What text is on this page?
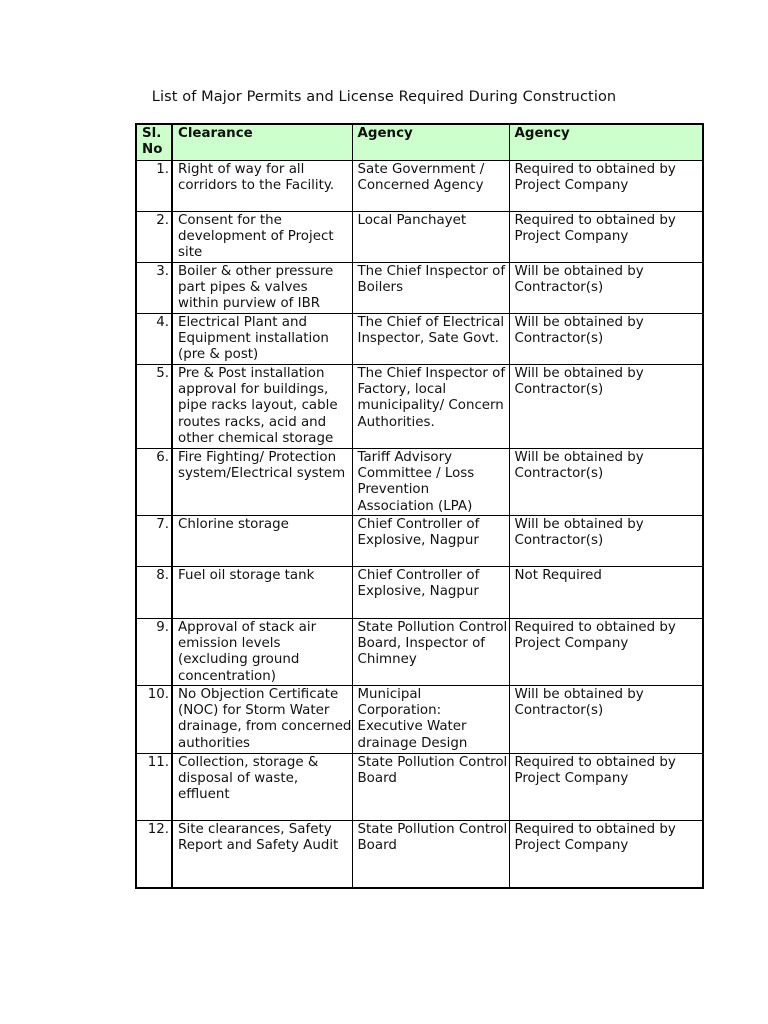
List of Major Permits and License Required During Construction
Sl.
No	Clearance	Agency	Agency
1.	Right of way for all corridors to the Facility.	Sate Government / Concerned Agency	Required to obtained by Project Company
2.	Consent for the development of Project site	Local Panchayet	Required to obtained by Project Company
3.	Boiler & other pressure part pipes & valves within purview of IBR	The Chief Inspector of Boilers	Will be obtained by Contractor(s)
4.	Electrical Plant and Equipment installation (pre & post)	The Chief of Electrical Inspector, Sate Govt.	Will be obtained by Contractor(s)
5.	Pre & Post installation approval for buildings, pipe racks layout, cable routes racks, acid and other chemical storage	The Chief Inspector of Factory, local municipality/ Concern Authorities.	Will be obtained by Contractor(s)
6.	Fire Fighting/ Protection system/Electrical system	Tariff Advisory Committee / Loss Prevention Association (LPA)	Will be obtained by Contractor(s)
7.	Chlorine storage	Chief Controller of Explosive, Nagpur	Will be obtained by Contractor(s)
8.	Fuel oil storage tank	Chief Controller of Explosive, Nagpur	Not Required
9.	Approval of stack air emission levels (excluding ground concentration)	State Pollution Control Board, Inspector of Chimney	Required to obtained by Project Company
10.	No Objection Certificate (NOC) for Storm Water drainage, from concerned authorities	Municipal Corporation: Executive Water drainage Design	Will be obtained by Contractor(s)
11.	Collection, storage & disposal of waste, effluent	State Pollution Control Board	Required to obtained by Project Company
12.	Site clearances, Safety Report and Safety Audit	State Pollution Control Board	Required to obtained by Project Company
